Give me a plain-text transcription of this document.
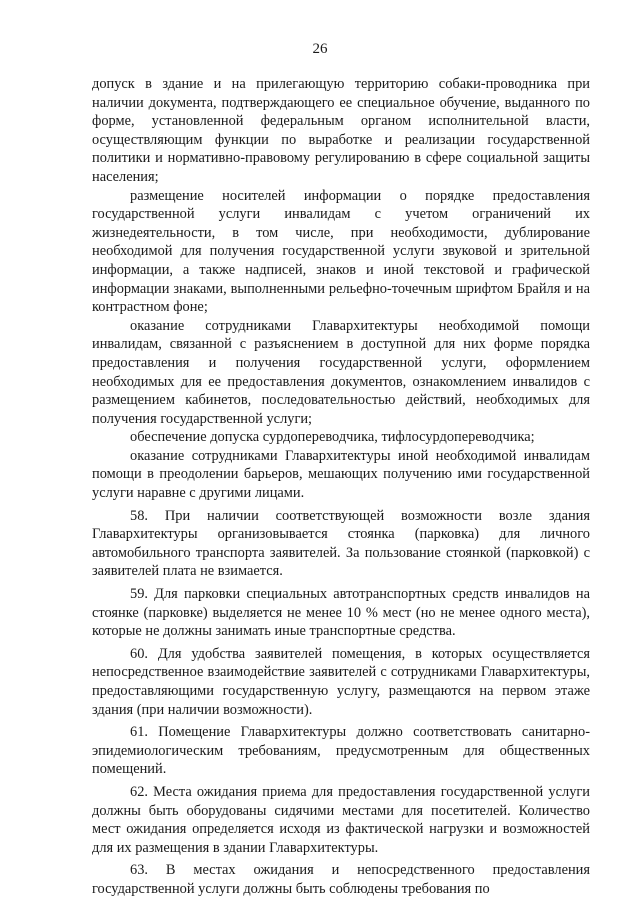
26

допуск в здание и на прилегающую территорию собаки-проводника при наличии документа, подтверждающего ее специальное обучение, выданного по форме, установленной федеральным органом исполнительной власти, осуществляющим функции по выработке и реализации государственной политики и нормативно-правовому регулированию в сфере социальной защиты населения;

размещение носителей информации о порядке предоставления государственной услуги инвалидам с учетом ограничений их жизнедеятельности, в том числе, при необходимости, дублирование необходимой для получения государственной услуги звуковой и зрительной информации, а также надписей, знаков и иной текстовой и графической информации знаками, выполненными рельефно-точечным шрифтом Брайля и на контрастном фоне;

оказание сотрудниками Главархитектуры необходимой помощи инвалидам, связанной с разъяснением в доступной для них форме порядка предоставления и получения государственной услуги, оформлением необходимых для ее предоставления документов, ознакомлением инвалидов с размещением кабинетов, последовательностью действий, необходимых для получения государственной услуги;

обеспечение допуска сурдопереводчика, тифлосурдопереводчика;

оказание сотрудниками Главархитектуры иной необходимой инвалидам помощи в преодолении барьеров, мешающих получению ими государственной услуги наравне с другими лицами.

58. При наличии соответствующей возможности возле здания Главархитектуры организовывается стоянка (парковка) для личного автомобильного транспорта заявителей. За пользование стоянкой (парковкой) с заявителей плата не взимается.

59. Для парковки специальных автотранспортных средств инвалидов на стоянке (парковке) выделяется не менее 10 % мест (но не менее одного места), которые не должны занимать иные транспортные средства.

60. Для удобства заявителей помещения, в которых осуществляется непосредственное взаимодействие заявителей с сотрудниками Главархитектуры, предоставляющими государственную услугу, размещаются на первом этаже здания (при наличии возможности).

61. Помещение Главархитектуры должно соответствовать санитарно-эпидемиологическим требованиям, предусмотренным для общественных помещений.

62. Места ожидания приема для предоставления государственной услуги должны быть оборудованы сидячими местами для посетителей. Количество мест ожидания определяется исходя из фактической нагрузки и возможностей для их размещения в здании Главархитектуры.

63. В местах ожидания и непосредственного предоставления государственной услуги должны быть соблюдены требования по
